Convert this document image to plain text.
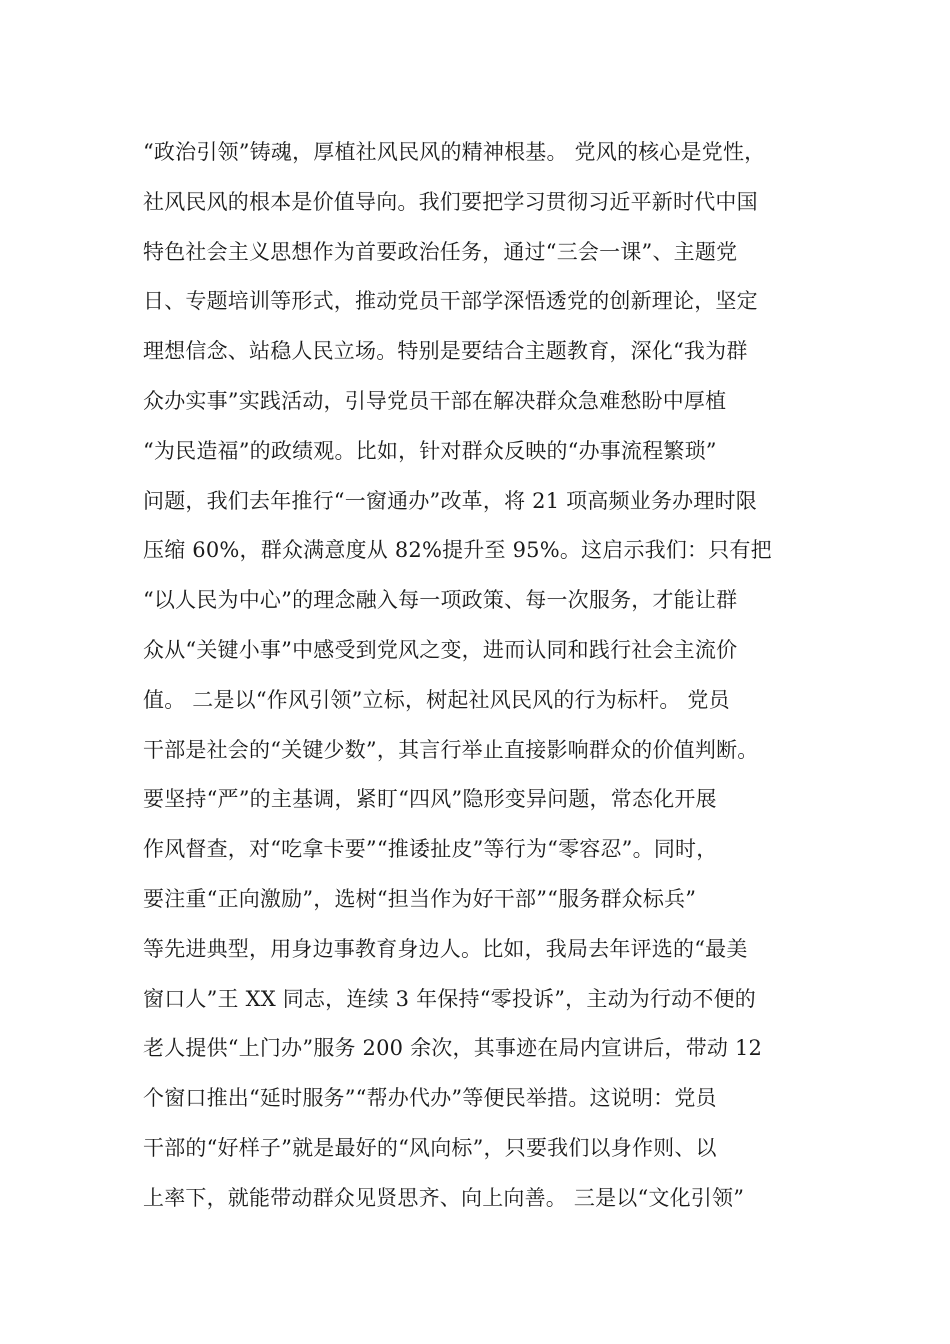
“政治引领”铸魂，厚植社风民风的精神根基。 党风的核心是党性，
社风民风的根本是价值导向。我们要把学习贯彻习近平新时代中国
特色社会主义思想作为首要政治任务，通过“三会一课”、主题党
日、专题培训等形式，推动党员干部学深悟透党的创新理论，坚定
理想信念、站稳人民立场。特别是要结合主题教育，深化“我为群
众办实事”实践活动，引导党员干部在解决群众急难愁盼中厚植
“为民造福”的政绩观。比如，针对群众反映的“办事流程繁琐”
问题，我们去年推行“一窗通办”改革，将 21 项高频业务办理时限
压缩 60%，群众满意度从 82%提升至 95%。这启示我们：只有把
“以人民为中心”的理念融入每一项政策、每一次服务，才能让群
众从“关键小事”中感受到党风之变，进而认同和践行社会主流价
值。 二是以“作风引领”立标，树起社风民风的行为标杆。 党员
干部是社会的“关键少数”，其言行举止直接影响群众的价值判断。
要坚持“严”的主基调，紧盯“四风”隐形变异问题，常态化开展
作风督查，对“吃拿卡要”“推诿扯皮”等行为“零容忍”。同时，
要注重“正向激励”，选树“担当作为好干部”“服务群众标兵”
等先进典型，用身边事教育身边人。比如，我局去年评选的“最美
窗口人”王 XX 同志，连续 3 年保持“零投诉”，主动为行动不便的
老人提供“上门办”服务 200 余次，其事迹在局内宣讲后，带动 12
个窗口推出“延时服务”“帮办代办”等便民举措。这说明：党员
干部的“好样子”就是最好的“风向标”，只要我们以身作则、以
上率下，就能带动群众见贤思齐、向上向善。 三是以“文化引领”
